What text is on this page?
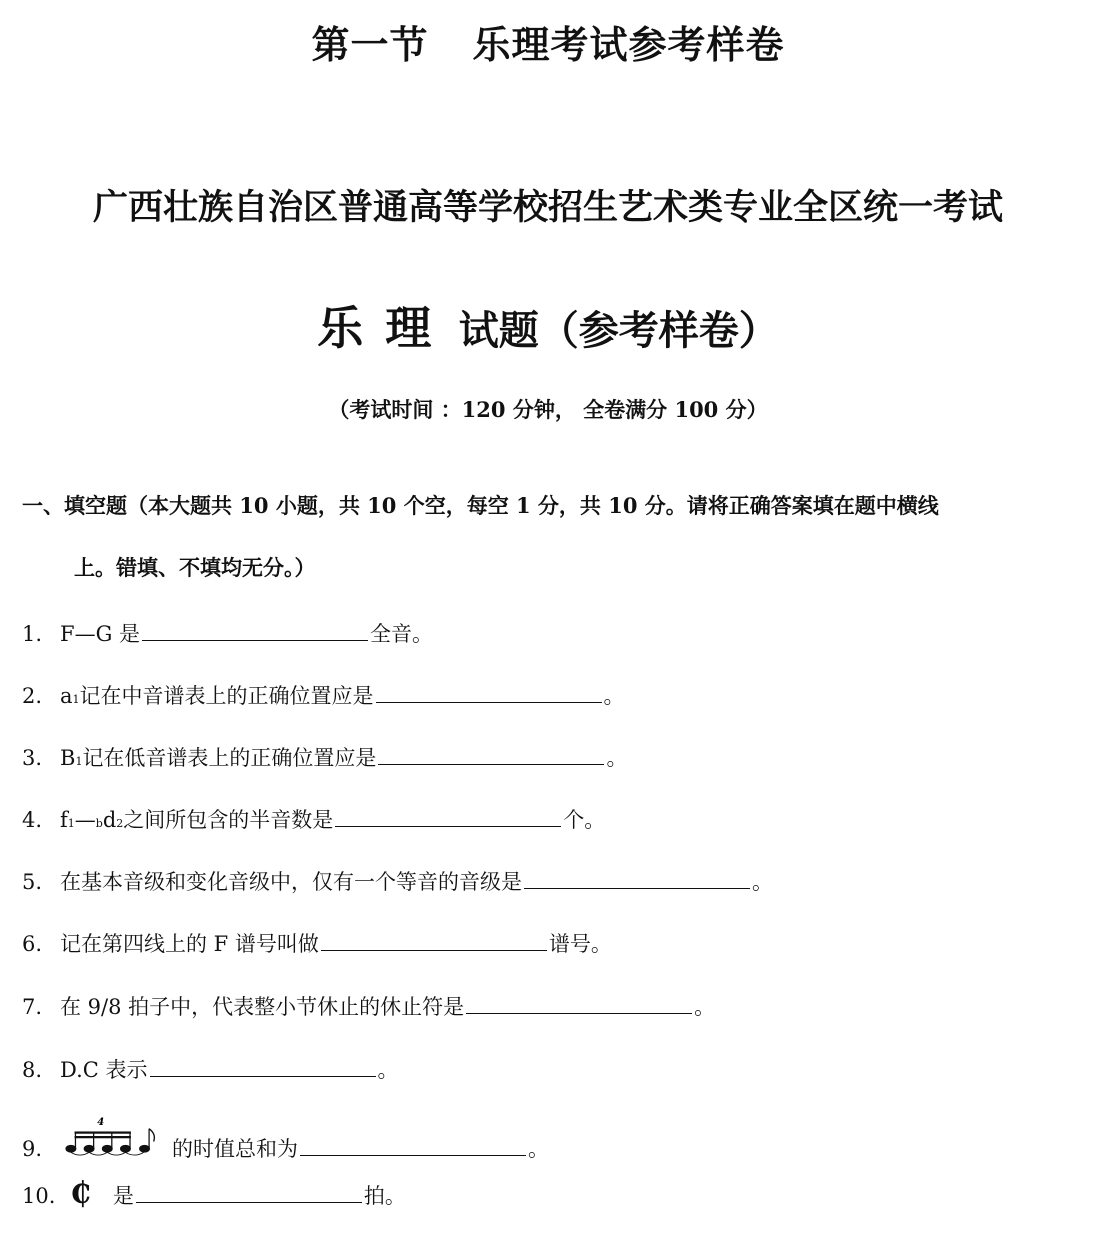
第一节 乐理考试参考样卷
广西壮族自治区普通高等学校招生艺术类专业全区统一考试
乐理 试题（参考样卷）
（考试时间 ：120 分钟， 全卷满分 100 分）
一、填空题（本大题共 10 小题，共 10 个空，每空 1 分，共 10 分。请将正确答案填在题中横线
上。错填、不填均无分。）
1. F—G 是	全音。
2. a 1 记在中音谱表上的正确位置应是	。
3. B 1 记在低音谱表上的正确位置应是	。
4. f 1 — b d 2 之间所包含的半音数是	个。
5. 在基本音级和变化音级中，仅有一个等音的音级是	。
6. 记在第四线上的 F 谱号叫做	谱号。
7. 在 9/8 拍子中，代表整小节休止的休止符是	。
8. D.C 表示	。
9.
4
的时值总和为	。
10. ₵ 是	拍。
